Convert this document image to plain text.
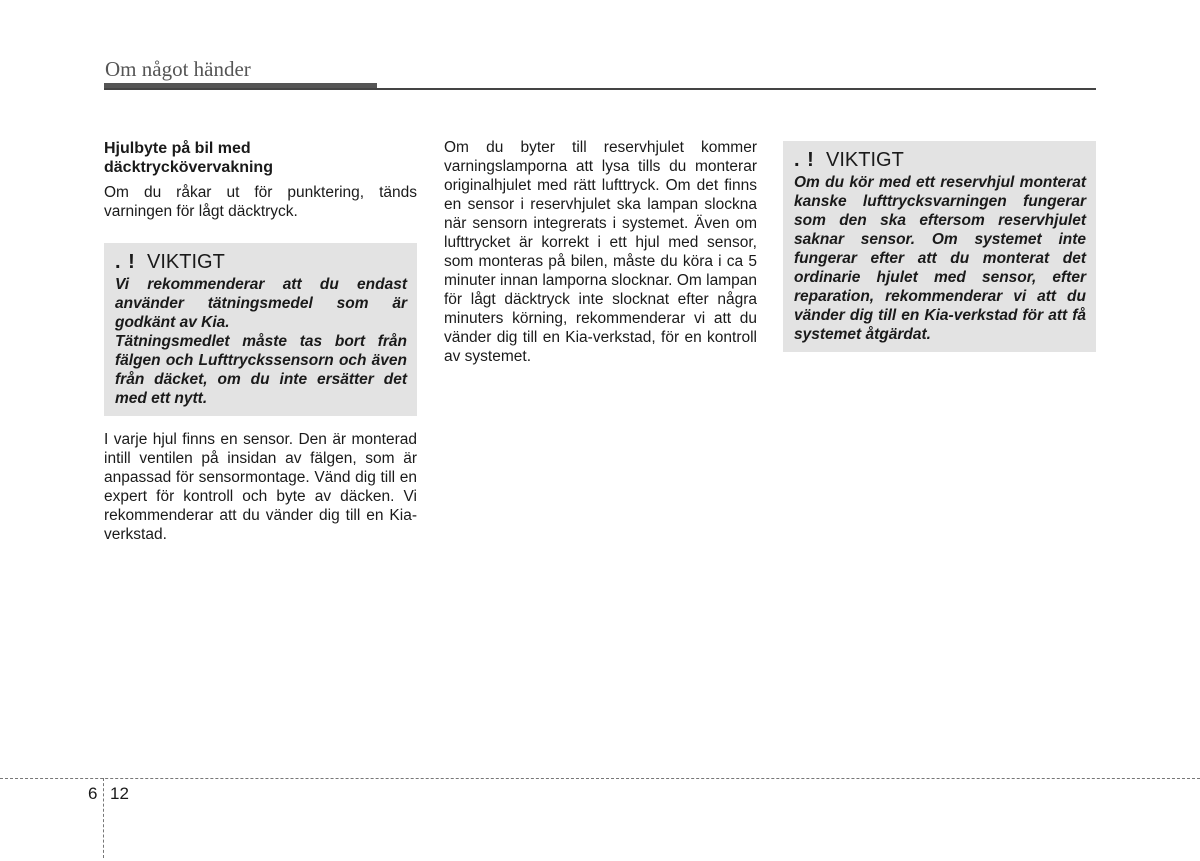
Om något händer
Hjulbyte på bil med däcktryckövervakning

Om du råkar ut för punktering, tänds varningen för lågt däcktryck.

. ! VIKTIGT

Vi rekommenderar att du endast använder tätningsmedel som är godkänt av Kia.

Tätningsmedlet måste tas bort från fälgen och Lufttryckssensorn och även från däcket, om du inte ersätter det med ett nytt.

I varje hjul finns en sensor. Den är monterad intill ventilen på insidan av fälgen, som är anpassad för sensormontage. Vänd dig till en expert för kontroll och byte av däcken. Vi rekommenderar att du vänder dig till en Kia-verkstad.

Om du byter till reservhjulet kommer varningslamporna att lysa tills du monterar originalhjulet med rätt lufttryck. Om det finns en sensor i reservhjulet ska lampan slockna när sensorn integrerats i systemet. Även om lufttrycket är korrekt i ett hjul med sensor, som monteras på bilen, måste du köra i ca 5 minuter innan lamporna slocknar. Om lampan för lågt däcktryck inte slocknat efter några minuters körning, rekommenderar vi att du vänder dig till en Kia-verkstad, för en kontroll av systemet.

. ! VIKTIGT

Om du kör med ett reservhjul monterat kanske lufttrycksvarningen fungerar som den ska eftersom reservhjulet saknar sensor. Om systemet inte fungerar efter att du monterat det ordinarie hjulet med sensor, efter reparation, rekommenderar vi att du vänder dig till en Kia-verkstad för att få systemet åtgärdat.

6 12
